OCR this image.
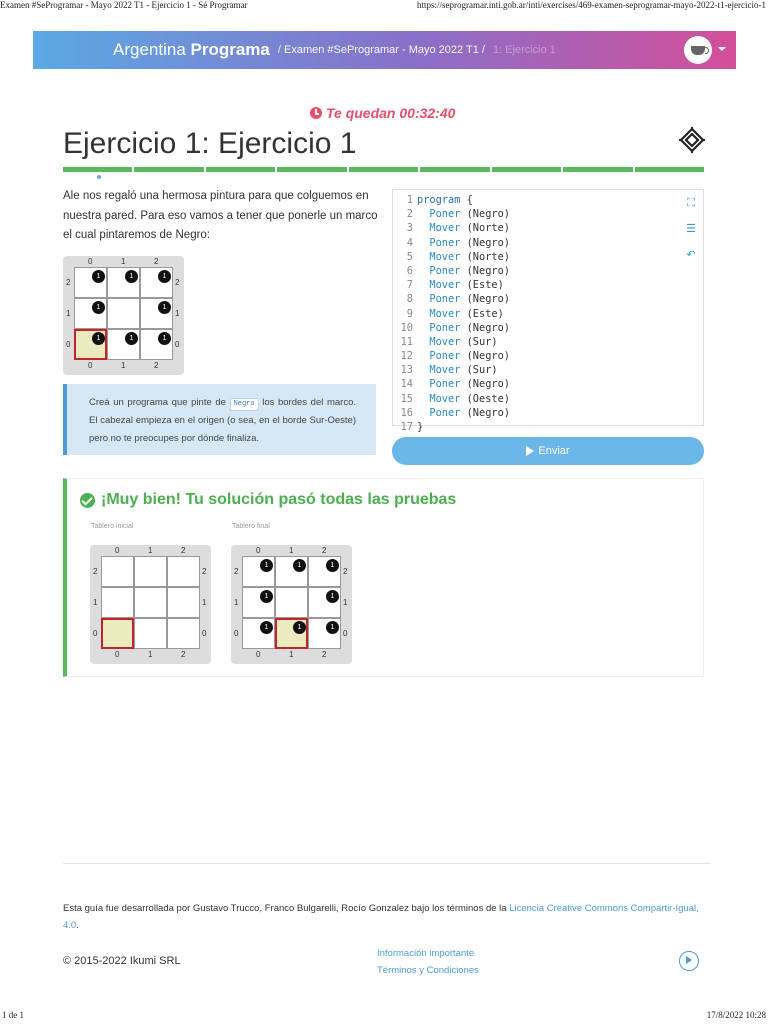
Examen #SeProgramar - Mayo 2022 T1 - Ejercicio 1 - Sé Programar	https://seprogramar.inti.gob.ar/inti/exercises/469-examen-seprogramar-mayo-2022-t1-ejercicio-1
Argentina Programa / Examen #SeProgramar - Mayo 2022 T1 / 1: Ejercicio 1
Te quedan 00:32:40
Ejercicio 1: Ejercicio 1
Ale nos regaló una hermosa pintura para que colguemos en nuestra pared. Para eso vamos a tener que ponerle un marco el cual pintaremos de Negro:
0
0
1
1
2
2
2	2
1	1
0	0
1	1	1
1	1
1	1	1
Creá un programa que pinte de Negro los bordes del marco. El cabezal empieza en el origen (o sea, en el borde Sur-Oeste) pero no te preocupes por dónde finaliza.
1 program {
2 Poner (Negro)
3 Mover (Norte)
4 Poner (Negro)
5 Mover (Norte)
6 Poner (Negro)
7 Mover (Este)
8 Poner (Negro)
9 Mover (Este)
10 Poner (Negro)
11 Mover (Sur)
12 Poner (Negro)
13 Mover (Sur)
14 Poner (Negro)
15 Mover (Oeste)
16 Poner (Negro)
17 }
⛶
☰
↶
Enviar
¡Muy bien! Tu solución pasó todas las pruebas
Tablero inicial	Tablero final
0
0
1
1
2
2
2	2
1	1
0	0
0
0
1
1
2
2
2	2
1	1
0	0
1	1	1
1	1
1	1	1
Esta guía fue desarrollada por Gustavo Trucco, Franco Bulgarelli, Rocío Gonzalez bajo los términos de la Licencia Creative Commons Compartir-Igual, 4.0.
© 2015-2022 Ikumi SRL
Información importante
Términos y Condiciones
1 de 1	17/8/2022 10:28
